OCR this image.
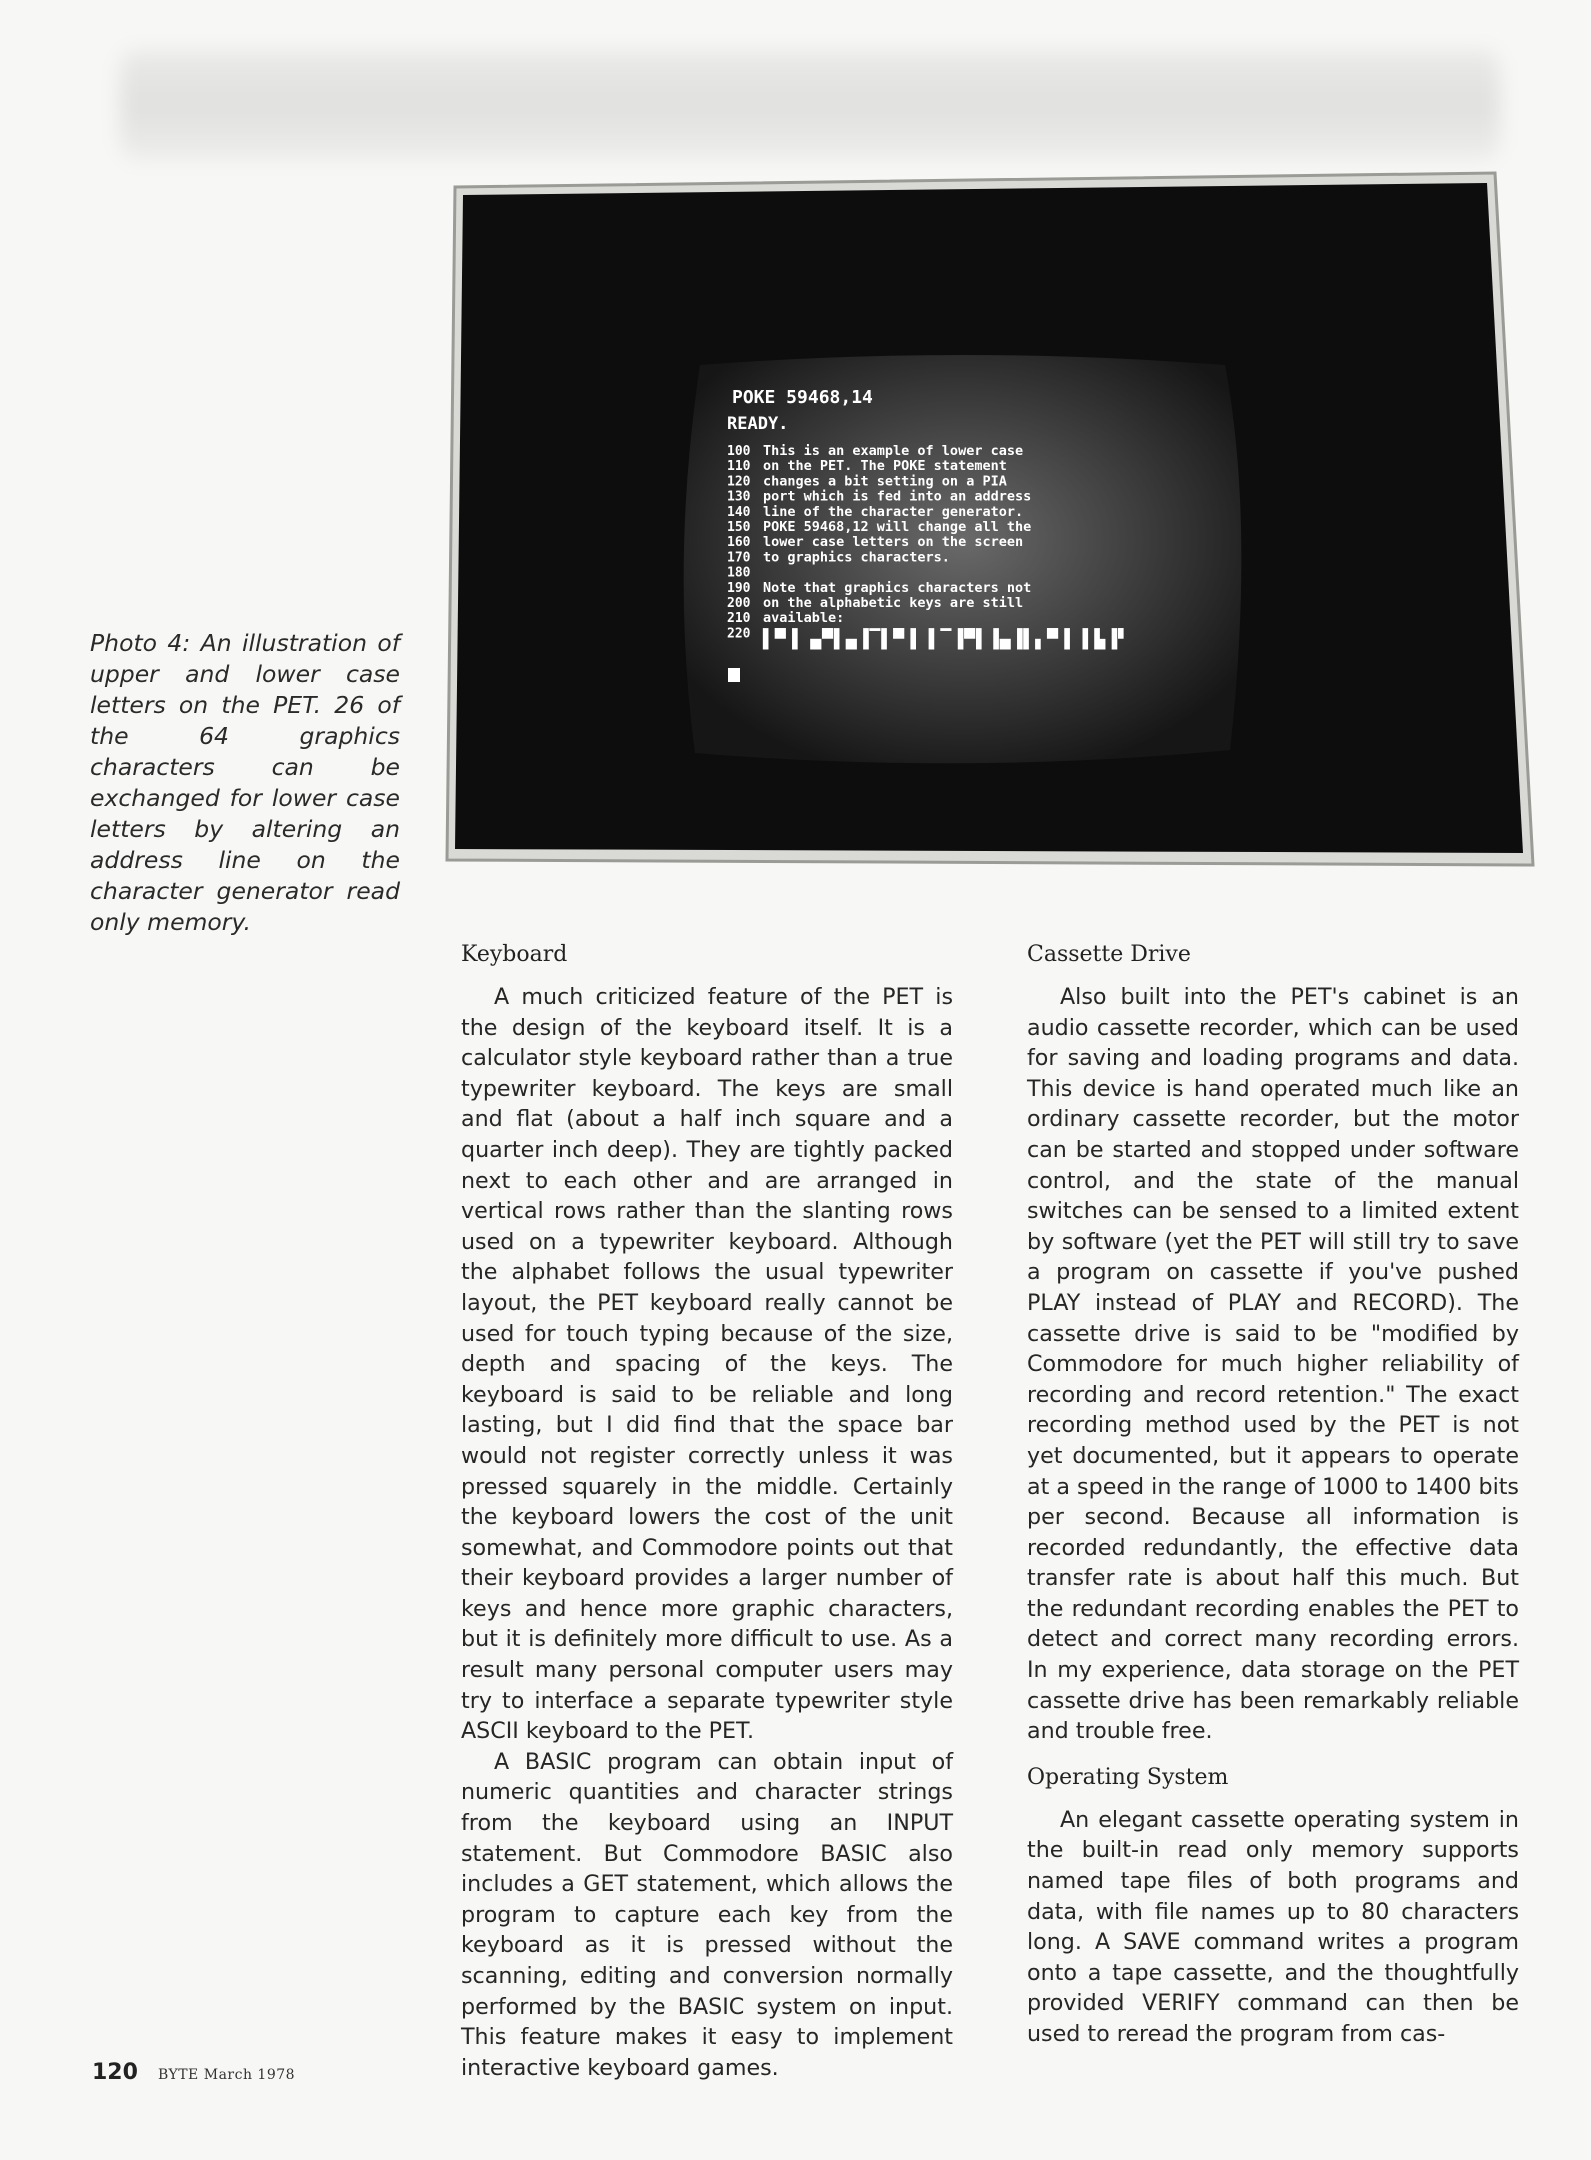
POKE 59468,14
READY.
100
110
120
130
140
150
160
170
180
190
200
210
220
This is an example of lower case
on the PET. The POKE statement
changes a bit setting on a PIA
port which is fed into an address
line of the character generator.
POKE 59468,12 will change all the
lower case letters on the screen
to graphics characters.
Note that graphics characters not
on the alphabetic keys are still
available:
▌▀▐ ▄▀▌▄▐▔▌▀▐ ▌▔▐▀▌▐▄▐▌▖▀▐ ▌▙▐▘
Photo 4: An illustration of upper and lower case letters on the PET. 26 of the 64 graphics characters can be exchanged for lower case letters by altering an address line on the character generator read only memory.
Keyboard

A much criticized feature of the PET is the design of the keyboard itself. It is a calculator style keyboard rather than a true typewriter keyboard. The keys are small and flat (about a half inch square and a quarter inch deep). They are tightly packed next to each other and are arranged in vertical rows rather than the slanting rows used on a typewriter keyboard. Although the alphabet follows the usual typewriter layout, the PET keyboard really cannot be used for touch typing because of the size, depth and spacing of the keys. The keyboard is said to be reliable and long lasting, but I did find that the space bar would not register correctly unless it was pressed squarely in the middle. Certainly the keyboard lowers the cost of the unit somewhat, and Commodore points out that their keyboard provides a larger number of keys and hence more graphic characters, but it is definitely more difficult to use. As a result many personal computer users may try to interface a separate typewriter style ASCII keyboard to the PET.

A BASIC program can obtain input of numeric quantities and character strings from the keyboard using an INPUT statement. But Commodore BASIC also includes a GET statement, which allows the program to capture each key from the keyboard as it is pressed without the scanning, editing and conversion normally performed by the BASIC system on input. This feature makes it easy to implement interactive keyboard games.

Cassette Drive

Also built into the PET's cabinet is an audio cassette recorder, which can be used for saving and loading programs and data. This device is hand operated much like an ordinary cassette recorder, but the motor can be started and stopped under software control, and the state of the manual switches can be sensed to a limited extent by software (yet the PET will still try to save a program on cassette if you've pushed PLAY instead of PLAY and RECORD). The cassette drive is said to be "modified by Commodore for much higher reliability of recording and record retention." The exact recording method used by the PET is not yet documented, but it appears to operate at a speed in the range of 1000 to 1400 bits per second. Because all information is recorded redundantly, the effective data transfer rate is about half this much. But the redundant recording enables the PET to detect and correct many recording errors. In my experience, data storage on the PET cassette drive has been remarkably reliable and trouble free.

Operating System

An elegant cassette operating system in the built-in read only memory supports named tape files of both programs and data, with file names up to 80 characters long. A SAVE command writes a program onto a tape cassette, and the thoughtfully provided VERIFY command can then be used to reread the program from cas-

120 BYTE March 1978
